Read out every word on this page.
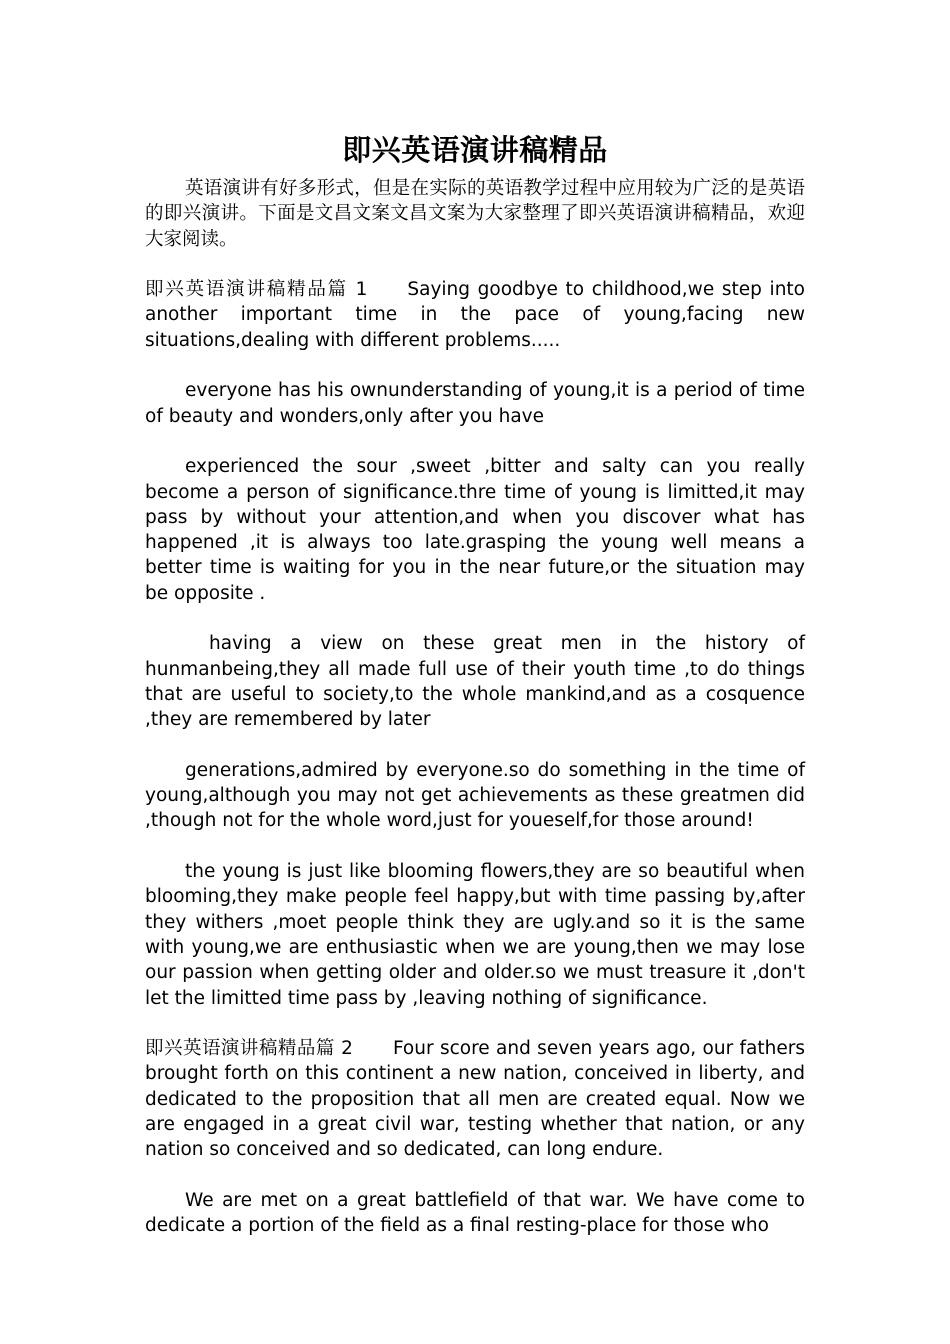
即兴英语演讲稿精品

英语演讲有好多形式，但是在实际的英语教学过程中应用较为广泛的是英语的即兴演讲。下面是文昌文案文昌文案为大家整理了即兴英语演讲稿精品，欢迎大家阅读。

即兴英语演讲稿精品篇 1 Saying goodbye to childhood,we step into another important time in the pace of young,facing new situations,dealing with different problems.....

everyone has his ownunderstanding of young,it is a period of time of beauty and wonders,only after you have

experienced the sour ,sweet ,bitter and salty can you really become a person of significance.thre time of young is limitted,it may pass by without your attention,and when you discover what has happened ,it is always too late.grasping the young well means a better time is waiting for you in the near future,or the situation may be opposite .

having a view on these great men in the history of hunmanbeing,they all made full use of their youth time ,to do things that are useful to society,to the whole mankind,and as a cosquence ,they are remembered by later

generations,admired by everyone.so do something in the time of young,although you may not get achievements as these greatmen did ,though not for the whole word,just for youeself,for those around!

the young is just like blooming flowers,they are so beautiful when blooming,they make people feel happy,but with time passing by,after they withers ,moet people think they are ugly.and so it is the same with young,we are enthusiastic when we are young,then we may lose our passion when getting older and older.so we must treasure it ,don't let the limitted time pass by ,leaving nothing of significance.

即兴英语演讲稿精品篇 2 Four score and seven years ago, our fathers brought forth on this continent a new nation, conceived in liberty, and dedicated to the proposition that all men are created equal. Now we are engaged in a great civil war, testing whether that nation, or any nation so conceived and so dedicated, can long endure.

We are met on a great battlefield of that war. We have come to dedicate a portion of the field as a final resting-place for those who
